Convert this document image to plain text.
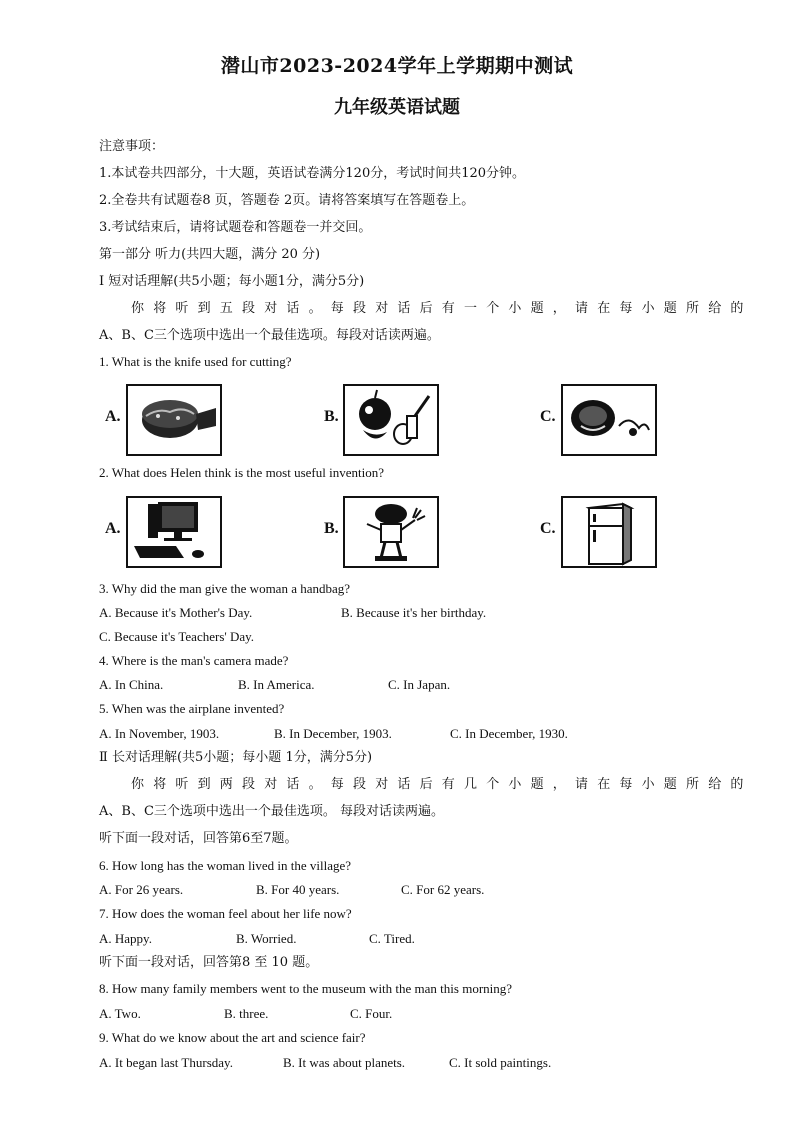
潜山市2023-2024学年上学期期中测试
九年级英语试题
注意事项：
1.本试卷共四部分，十大题，英语试卷满分120分，考试时间共120分钟。
2.全卷共有试题卷8 页，答题卷 2页。请将答案填写在答题卷上。
3.考试结束后，请将试题卷和答题卷一并交回。
第一部分 听力(共四大题，满分 20 分)
Ⅰ 短对话理解(共5小题；每小题1分，满分5分)
你将听到五段对话。每段对话后有一个小题，请在每小题所给的
A、B、C三个选项中选出一个最佳选项。每段对话读两遍。
1. What is the knife used for cutting?
A.	B.	C.
2. What does Helen think is the most useful invention?
A.	B.	C.
3. Why did the man give the woman a handbag?
A. Because it's Mother's Day.	B. Because it's her birthday.
C. Because it's Teachers' Day.
4. Where is the man's camera made?
A. In China.	B. In America.	C. In Japan.
5. When was the airplane invented?
A. In November, 1903.	B. In December, 1903.	C. In December, 1930.
Ⅱ 长对话理解(共5小题；每小题 1分，满分5分)
你将听到两段对话。每段对话后有几个小题，请在每小题所给的
A、B、C三个选项中选出一个最佳选项。 每段对话读两遍。
听下面一段对话，回答第6至7题。
6. How long has the woman lived in the village?
A. For 26 years.	B. For 40 years.	C. For 62 years.
7. How does the woman feel about her life now?
A. Happy.	B. Worried.	C. Tired.
听下面一段对话，回答第8 至 10 题。
8. How many family members went to the museum with the man this morning?
A. Two.	B. three.	C. Four.
9. What do we know about the art and science fair?
A. It began last Thursday.	B. It was about planets.	C. It sold paintings.
